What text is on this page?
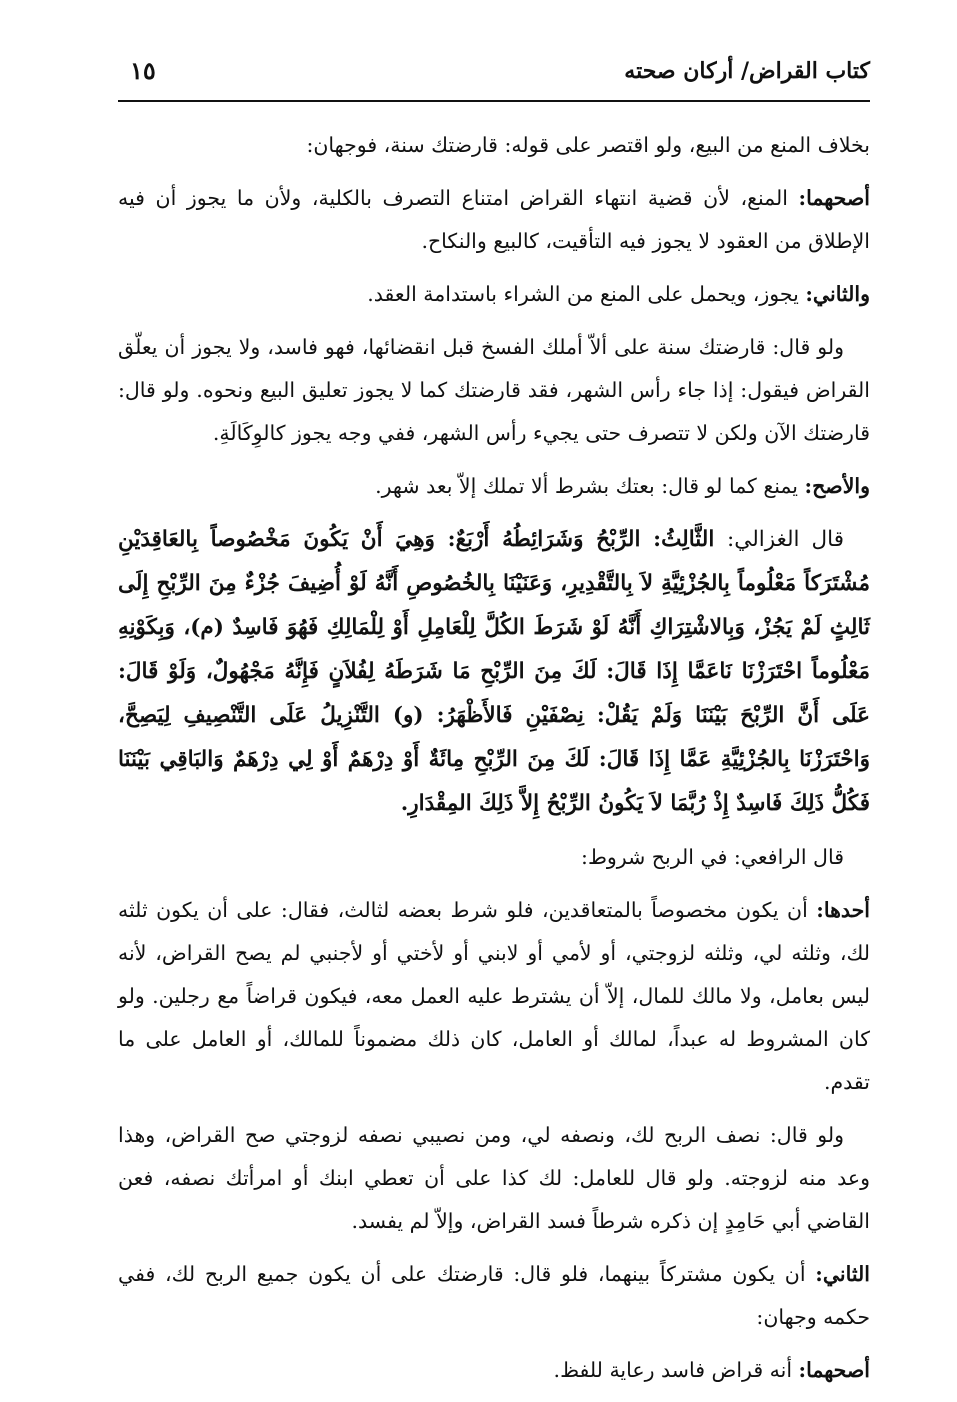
كتاب القراض/ أركان صحته
١٥

بخلاف المنع من البيع، ولو اقتصر على قوله: قارضتك سنة، فوجهان:

أصحهما: المنع، لأن قضية انتهاء القراض امتناع التصرف بالكلية، ولأن ما يجوز أن فيه الإطلاق من العقود لا يجوز فيه التأقيت، كالبيع والنكاح.

والثاني: يجوز، ويحمل على المنع من الشراء باستدامة العقد.

ولو قال: قارضتك سنة على ألاّ أملك الفسخ قبل انقضائها، فهو فاسد، ولا يجوز أن يعلّق القراض فيقول: إذا جاء رأس الشهر، فقد قارضتك كما لا يجوز تعليق البيع ونحوه. ولو قال: قارضتك الآن ولكن لا تتصرف حتى يجيء رأس الشهر، ففي وجه يجوز كالوِكَالَةِ.

والأصح: يمنع كما لو قال: بعتك بشرط ألا تملك إلاّ بعد شهر.

قال الغزالي: الثَّالِثُ: الرِّبْحُ وَشَرَائِطُهُ أَرْبَعٌ: وَهِيَ أَنْ يَكُونَ مَخْصُوصاً بِالعَاقِدَيْنِ مُشْتَرَكاً مَعْلُوماً بِالجُزْئِيَّةِ لاَ بِالتَّقْدِيرِ، وَعَنَيْنَا بِالخُصُوصِ أَنَّهُ لَوْ أُضِيفَ جُزْءٌ مِنَ الرِّبْحِ إِلَى ثَالِثٍ لَمْ يَجُزْ، وَبِالاشْتِرَاكِ أَنَّهُ لَوْ شَرَطَ الكُلَّ لِلْعَامِلِ أَوْ لِلْمَالِكِ فَهُوَ فَاسِدٌ (م)، وَبِكَوْنِهِ مَعْلُوماً احْتَرَزْنَا نَاعَمَّا إِذَا قَالَ: لَكَ مِنَ الرِّبْحِ مَا شَرَطَهُ لِفُلاَنٍ فَإِنَّهُ مَجْهُولٌ، وَلَوْ قَالَ: عَلَى أَنَّ الرِّبْحَ بَيْنَنَا وَلَمْ يَقُلْ: نِصْفَيْنِ فَالأَظْهَرُ: (و) التَّنْزِيلُ عَلَى التَّنْصِيفِ لِيَصِحَّ، وَاحْتَرَزْنَا بِالجُزْئِيَّةِ عَمَّا إِذَا قَالَ: لَكَ مِنَ الرِّبْحِ مِائَةٌ أَوْ دِرْهَمٌ أَوْ لِي دِرْهَمٌ وَالبَاقِي بَيْنَنَا فَكُلُّ ذَلِكَ فَاسِدٌ إِذْ رُبَّمَا لاَ يَكُونُ الرِّبْحُ إِلاَّ ذَلِكَ المِقْدَارِ.

قال الرافعي: في الربح شروط:

أحدها: أن يكون مخصوصاً بالمتعاقدين، فلو شرط بعضه لثالث، فقال: على أن يكون ثلثه لك، وثلثه لي، وثلثه لزوجتي، أو لأمي أو لابني أو لأختي أو لأجنبي لم يصح القراض، لأنه ليس بعامل، ولا مالك للمال، إلاّ أن يشترط عليه العمل معه، فيكون قراضاً مع رجلين. ولو كان المشروط له عبداً، لمالك أو العامل، كان ذلك مضموناً للمالك، أو العامل على ما تقدم.

ولو قال: نصف الربح لك، ونصفه لي، ومن نصيبي نصفه لزوجتي صح القراض، وهذا وعد منه لزوجته. ولو قال للعامل: لك كذا على أن تعطي ابنك أو امرأتك نصفه، فعن القاضي أبي حَامِدٍ إن ذكره شرطاً فسد القراض، وإلاّ لم يفسد.

الثاني: أن يكون مشتركاً بينهما، فلو قال: قارضتك على أن يكون جميع الربح لك، ففي حكمه وجهان:

أصحهما: أنه قراض فاسد رعاية للفظ.
